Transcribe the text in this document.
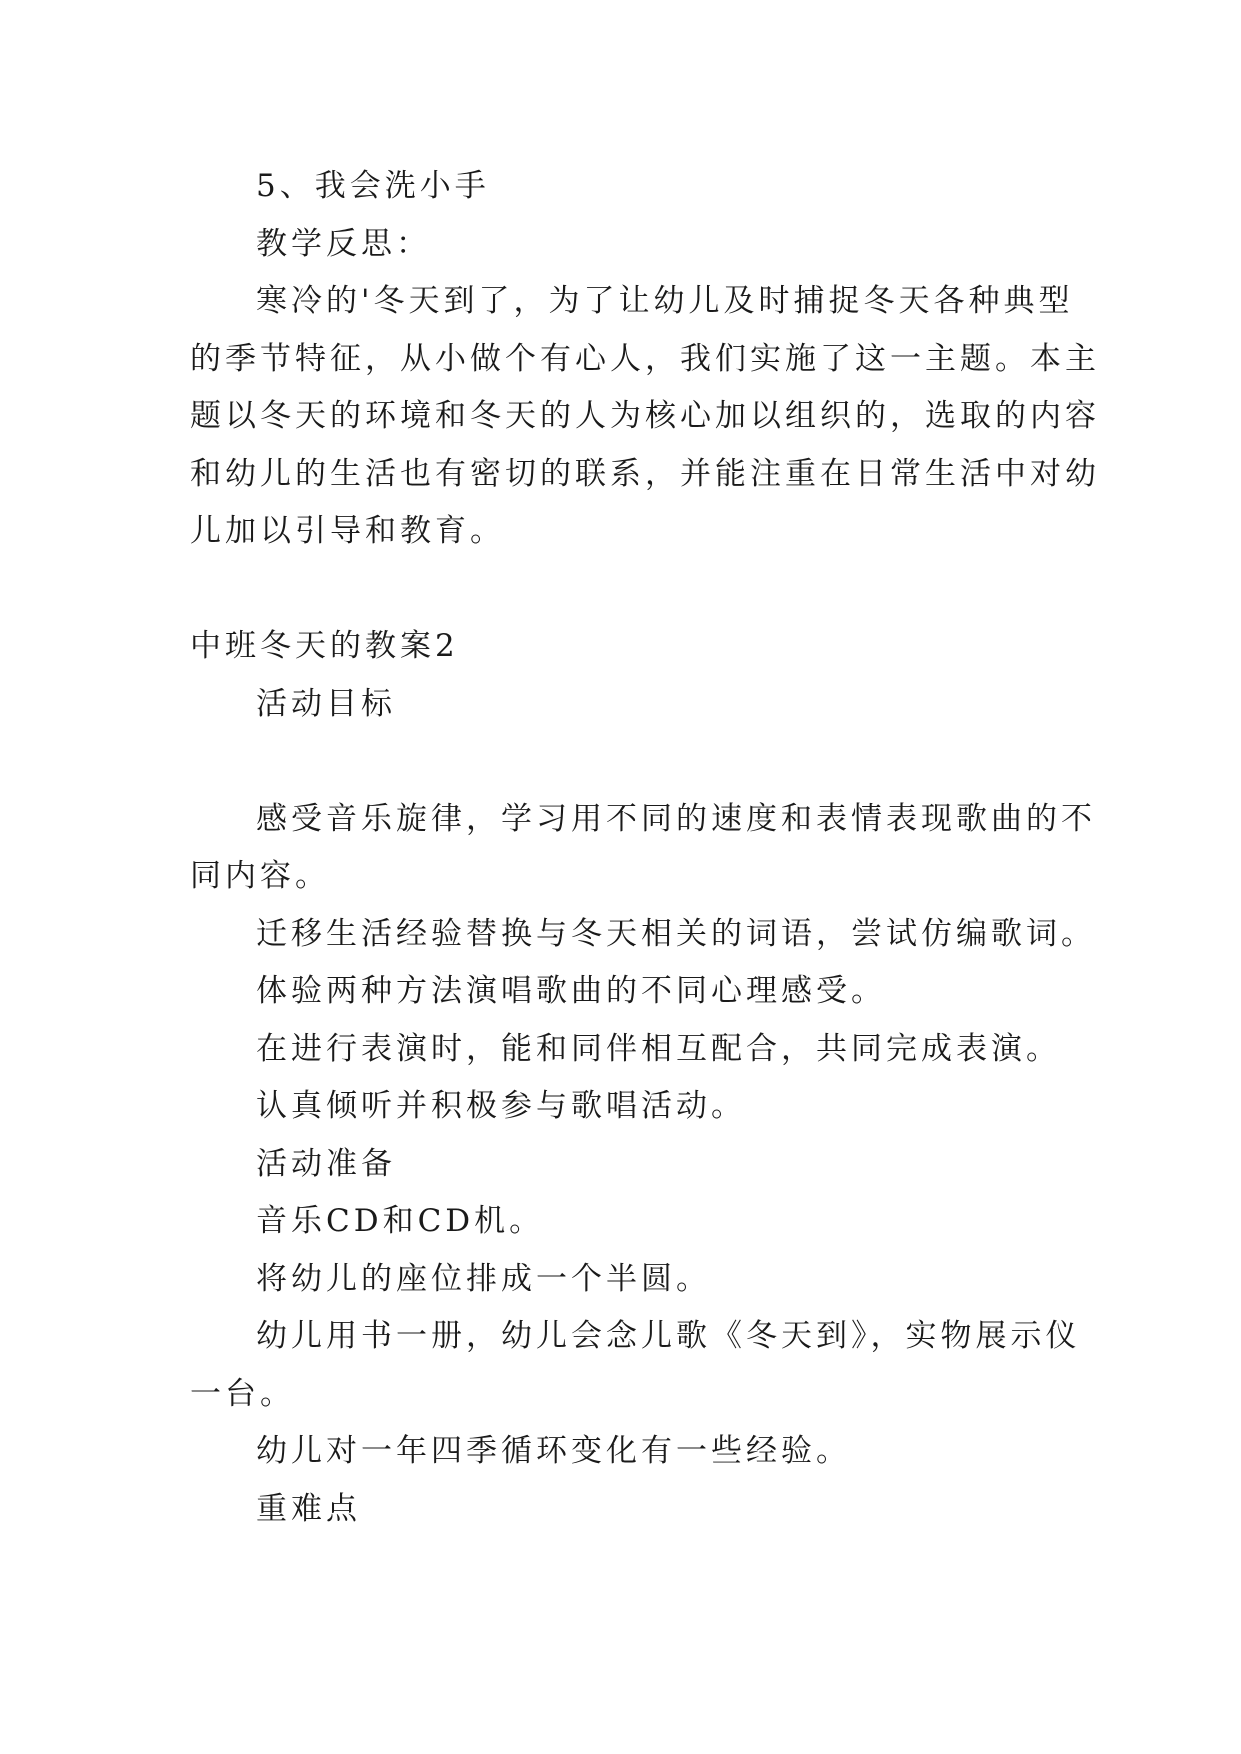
5、我会洗小手
教学反思：
寒冷的'冬天到了，为了让幼儿及时捕捉冬天各种典型
的季节特征，从小做个有心人，我们实施了这一主题。本主
题以冬天的环境和冬天的人为核心加以组织的，选取的内容
和幼儿的生活也有密切的联系，并能注重在日常生活中对幼
儿加以引导和教育。
中班冬天的教案2
活动目标
感受音乐旋律，学习用不同的速度和表情表现歌曲的不
同内容。
迁移生活经验替换与冬天相关的词语，尝试仿编歌词。
体验两种方法演唱歌曲的不同心理感受。
在进行表演时，能和同伴相互配合，共同完成表演。
认真倾听并积极参与歌唱活动。
活动准备
音乐CD和CD机。
将幼儿的座位排成一个半圆。
幼儿用书一册，幼儿会念儿歌《冬天到》，实物展示仪
一台。
幼儿对一年四季循环变化有一些经验。
重难点
